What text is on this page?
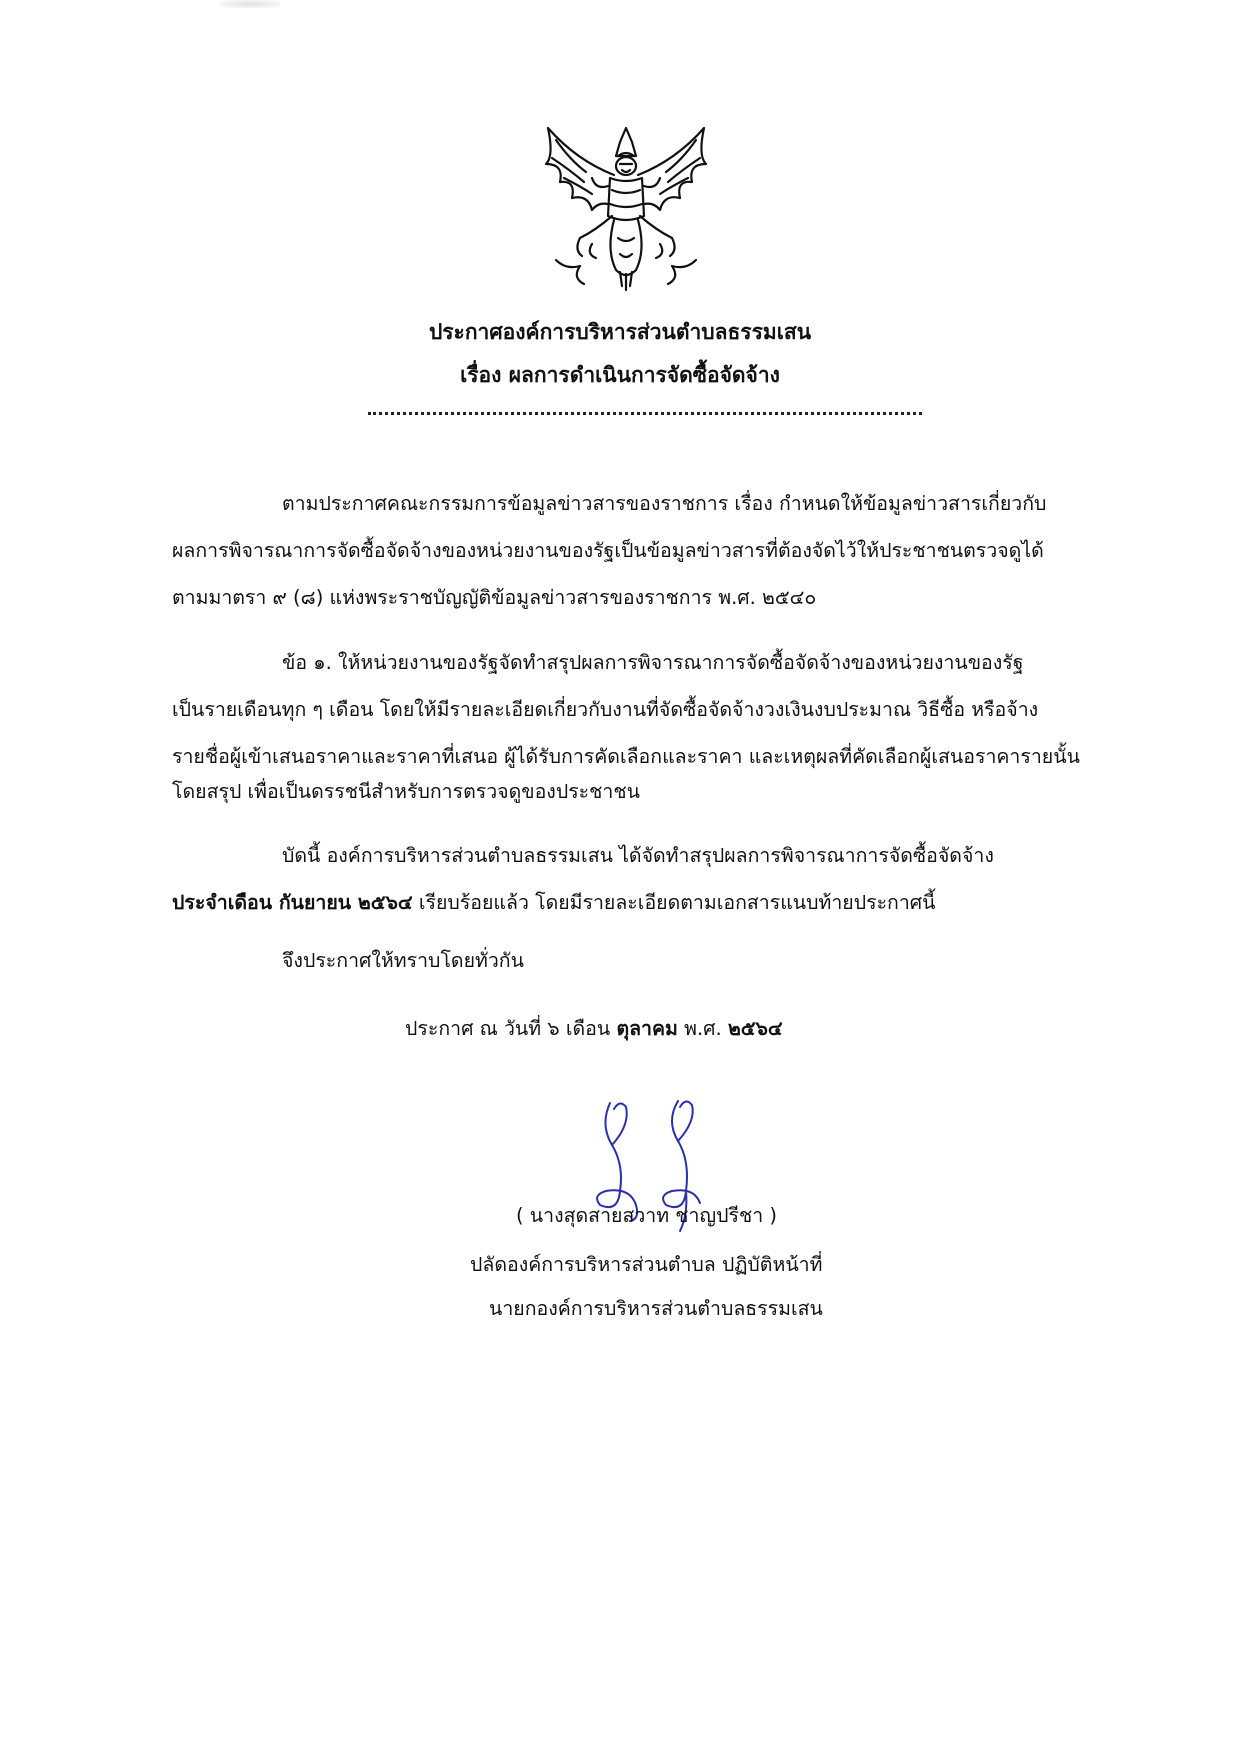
ประกาศองค์การบริหารส่วนตำบลธรรมเสน
เรื่อง ผลการดำเนินการจัดซื้อจัดจ้าง
ตามประกาศคณะกรรมการข้อมูลข่าวสารของราชการ เรื่อง กำหนดให้ข้อมูลข่าวสารเกี่ยวกับ
ผลการพิจารณาการจัดซื้อจัดจ้างของหน่วยงานของรัฐเป็นข้อมูลข่าวสารที่ต้องจัดไว้ให้ประชาชนตรวจดูได้
ตามมาตรา ๙ (๘) แห่งพระราชบัญญัติข้อมูลข่าวสารของราชการ พ.ศ. ๒๕๔๐
ข้อ ๑. ให้หน่วยงานของรัฐจัดทำสรุปผลการพิจารณาการจัดซื้อจัดจ้างของหน่วยงานของรัฐ
เป็นรายเดือนทุก ๆ เดือน โดยให้มีรายละเอียดเกี่ยวกับงานที่จัดซื้อจัดจ้างวงเงินงบประมาณ วิธีซื้อ หรือจ้าง
รายชื่อผู้เข้าเสนอราคาและราคาที่เสนอ ผู้ได้รับการคัดเลือกและราคา และเหตุผลที่คัดเลือกผู้เสนอราคารายนั้น
โดยสรุป เพื่อเป็นดรรชนีสำหรับการตรวจดูของประชาชน
บัดนี้ องค์การบริหารส่วนตำบลธรรมเสน ได้จัดทำสรุปผลการพิจารณาการจัดซื้อจัดจ้าง
ประจำเดือน กันยายน ๒๕๖๔ เรียบร้อยแล้ว โดยมีรายละเอียดตามเอกสารแนบท้ายประกาศนี้
จึงประกาศให้ทราบโดยทั่วกัน
ประกาศ ณ วันที่ ๖ เดือน ตุลาคม พ.ศ. ๒๕๖๔
( นางสุดสายสวาท ชาญปรีชา )
ปลัดองค์การบริหารส่วนตำบล ปฏิบัติหน้าที่
นายกองค์การบริหารส่วนตำบลธรรมเสน
